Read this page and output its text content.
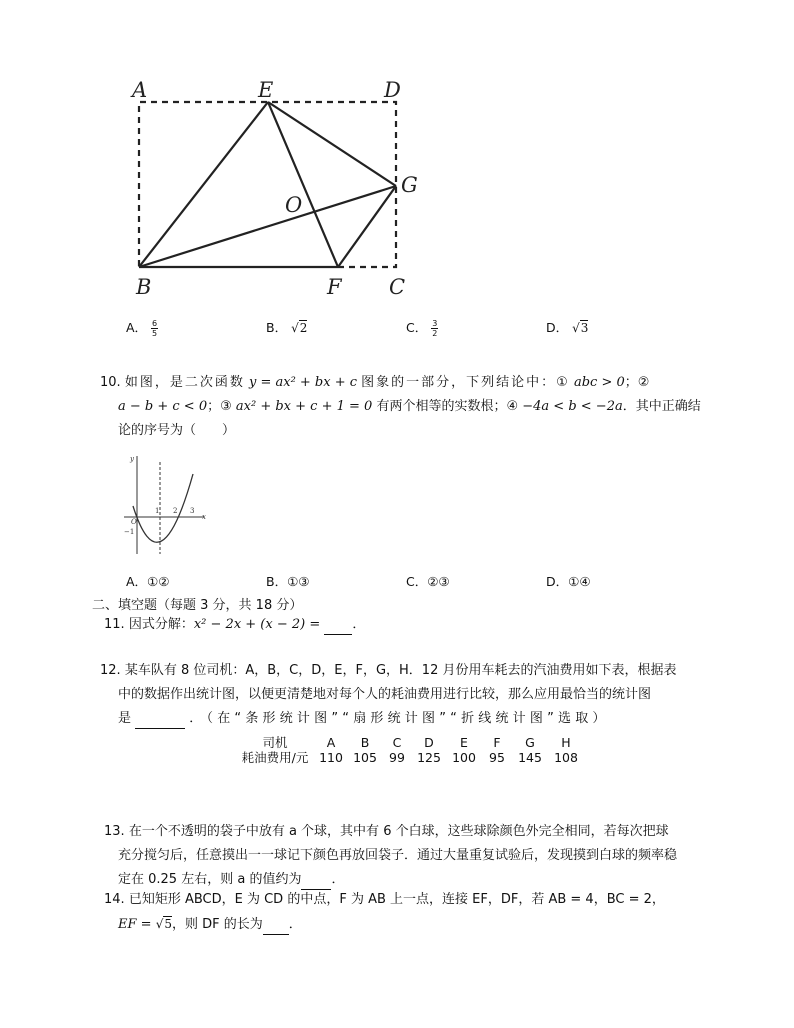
A	E	D
G
O
B	F C
A． $\frac{6}{5}$	B． √2	C． $\frac{3}{2}$	D． √3
10. 如图，是二次函数 y = ax² + bx + c 图象的一部分，下列结论中：① abc > 0；②
a − b + c < 0；③ ax² + bx + c + 1 = 0 有两个相等的实数根；④ −4a < b < −2a．其中正确结
论的序号为（　　）
y
x
O
−1
1 2 3
A．①②	B．①③	C．②③	D．①④
二、填空题（每题 3 分，共 18 分）
11. 因式分解：x² − 2x + (x − 2) = ．
12. 某车队有 8 位司机：A，B，C，D，E，F，G，H．12 月份用车耗去的汽油费用如下表，根据表
中的数据作出统计图，以便更清楚地对每个人的耗油费用进行比较，那么应用最恰当的统计图
是	．（在“条形统计图”“扇形统计图”“折线统计图”选取）
司机	A	B	C	D	E	F	G	H
耗油费用/元 110 105 99 125 100	95	145 108
13. 在一个不透明的袋子中放有 a 个球，其中有 6 个白球，这些球除颜色外完全相同，若每次把球
充分搅匀后，任意摸出一一球记下颜色再放回袋子．通过大量重复试验后，发现摸到白球的频率稳
定在 0.25 左右，则 a 的值约为 ．
14. 已知矩形 ABCD，E 为 CD 的中点，F 为 AB 上一点，连接 EF，DF，若 AB = 4，BC = 2，
EF = √5，则 DF 的长为 ．
